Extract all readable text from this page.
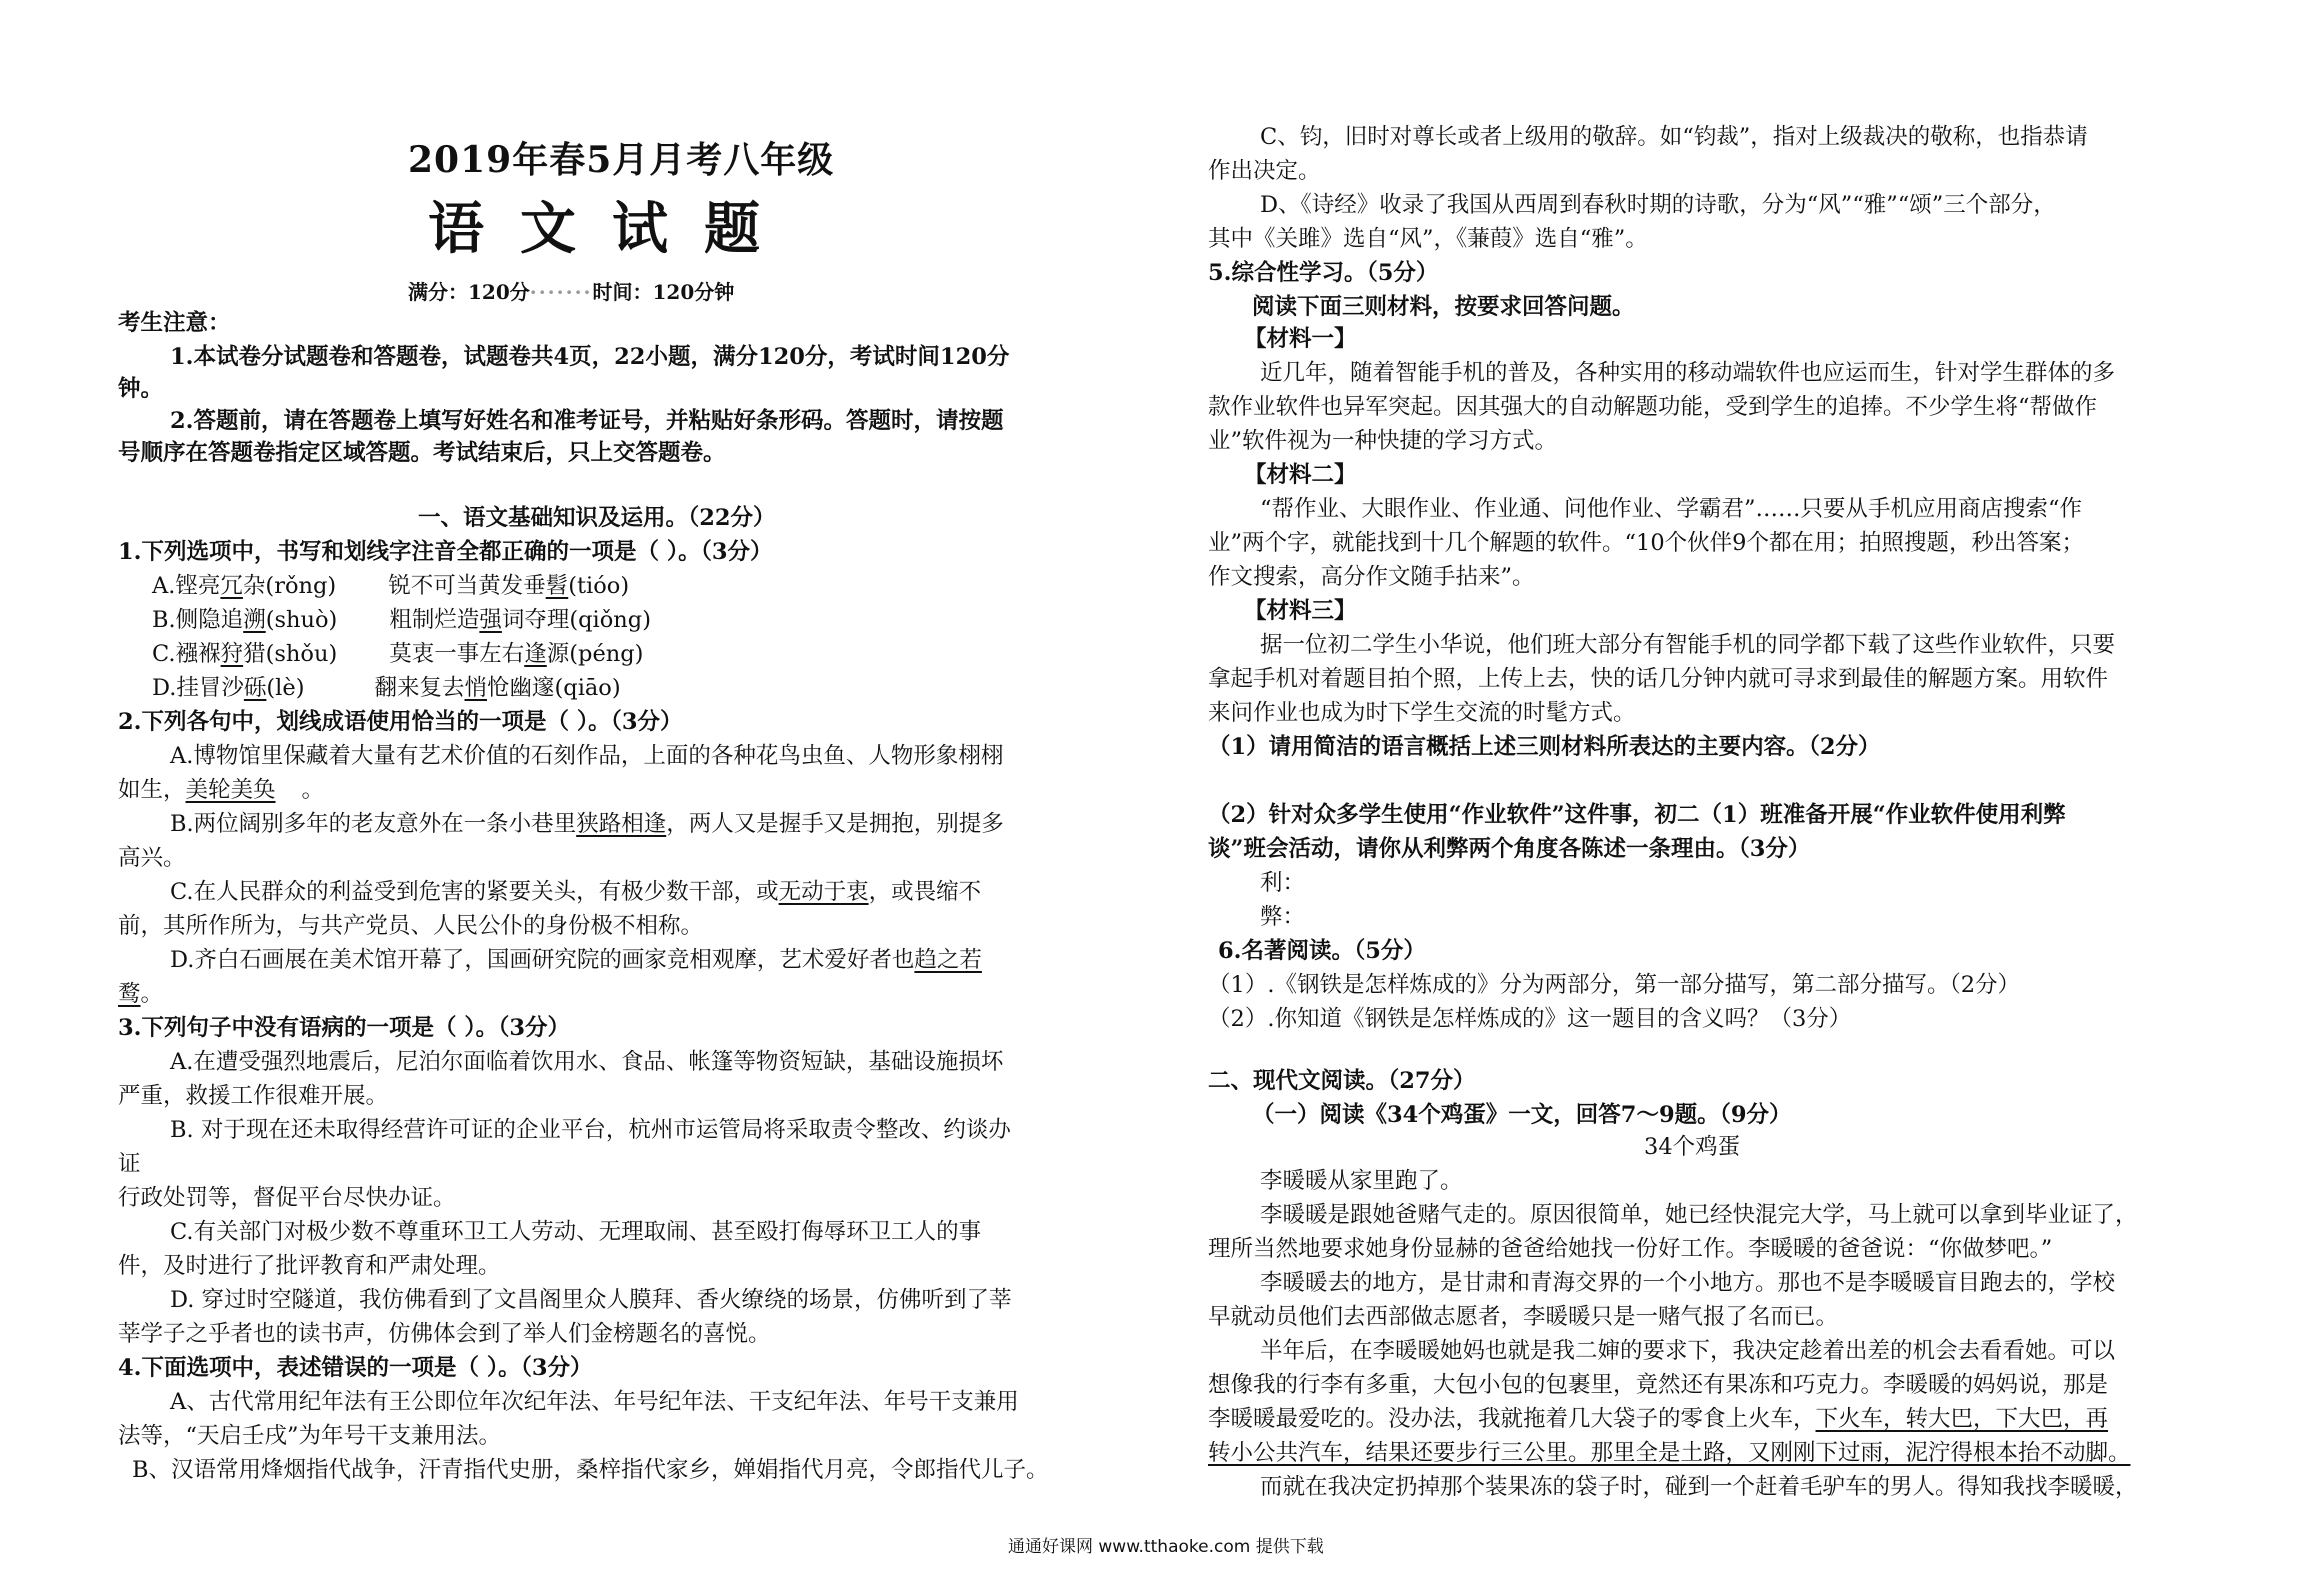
2019年春5月月考八年级
语文试题
满分：120分·······时间：120分钟
考生注意：
1.本试卷分试题卷和答题卷，试题卷共4页，22小题，满分120分，考试时间120分
钟。
2.答题前，请在答题卷上填写好姓名和准考证号，并粘贴好条形码。答题时，请按题
号顺序在答题卷指定区域答题。考试结束后，只上交答题卷。
一、语文基础知识及运用。（22分）
1.下列选项中，书写和划线字注音全都正确的一项是（ ）。（3分）
A.铿亮冗杂(rǒng) 锐不可当黄发垂髫(tióo)
B.侧隐追溯(shuò) 粗制烂造强词夺理(qiǒng)
C.襁褓狩猎(shǒu) 莫衷一事左右逢源(péng)
D.挂冒沙砾(lè)	翻来复去悄怆幽邃(qiāo)
2.下列各句中，划线成语使用恰当的一项是（ ）。（3分）
A.博物馆里保藏着大量有艺术价值的石刻作品，上面的各种花鸟虫鱼、人物形象栩栩
如生，美轮美奂 。
B.两位阔别多年的老友意外在一条小巷里狭路相逢，两人又是握手又是拥抱，别提多
高兴。
C.在人民群众的利益受到危害的紧要关头，有极少数干部，或无动于衷，或畏缩不
前，其所作所为，与共产党员、人民公仆的身份极不相称。
D.齐白石画展在美术馆开幕了，国画研究院的画家竞相观摩，艺术爱好者也趋之若
鹜。
3.下列句子中没有语病的一项是（ ）。（3分）
A.在遭受强烈地震后，尼泊尔面临着饮用水、食品、帐篷等物资短缺，基础设施损坏
严重，救援工作很难开展。
B. 对于现在还未取得经营许可证的企业平台，杭州市运管局将采取责令整改、约谈办
证
行政处罚等，督促平台尽快办证。
C.有关部门对极少数不尊重环卫工人劳动、无理取闹、甚至殴打侮辱环卫工人的事
件，及时进行了批评教育和严肃处理。
D. 穿过时空隧道，我仿佛看到了文昌阁里众人膜拜、香火缭绕的场景，仿佛听到了莘
莘学子之乎者也的读书声，仿佛体会到了举人们金榜题名的喜悦。
4.下面选项中，表述错误的一项是（ ）。（3分）
A、古代常用纪年法有王公即位年次纪年法、年号纪年法、干支纪年法、年号干支兼用
法等，“天启壬戌”为年号干支兼用法。
B、汉语常用烽烟指代战争，汗青指代史册，桑梓指代家乡，婵娟指代月亮，令郎指代儿子。
C、钧，旧时对尊长或者上级用的敬辞。如“钧裁”，指对上级裁决的敬称，也指恭请
作出决定。
D、《诗经》收录了我国从西周到春秋时期的诗歌，分为“风”“雅”“颂”三个部分，
其中《关雎》选自“风”，《蒹葭》选自“雅”。
5.综合性学习。（5分）
阅读下面三则材料，按要求回答问题。
【材料一】
近几年，随着智能手机的普及，各种实用的移动端软件也应运而生，针对学生群体的多
款作业软件也异军突起。因其强大的自动解题功能，受到学生的追捧。不少学生将“帮做作
业”软件视为一种快捷的学习方式。
【材料二】
“帮作业、大眼作业、作业通、问他作业、学霸君”……只要从手机应用商店搜索“作
业”两个字，就能找到十几个解题的软件。“10个伙伴9个都在用；拍照搜题，秒出答案；
作文搜索，高分作文随手拈来”。
【材料三】
据一位初二学生小华说，他们班大部分有智能手机的同学都下载了这些作业软件，只要
拿起手机对着题目拍个照，上传上去，快的话几分钟内就可寻求到最佳的解题方案。用软件
来问作业也成为时下学生交流的时髦方式。
（1）请用简洁的语言概括上述三则材料所表达的主要内容。（2分）
（2）针对众多学生使用“作业软件”这件事，初二（1）班准备开展“作业软件使用利弊
谈”班会活动，请你从利弊两个角度各陈述一条理由。（3分）
利：
弊：
6.名著阅读。（5分）
（1）.《钢铁是怎样炼成的》分为两部分，第一部分描写，第二部分描写。（2分）
（2）.你知道《钢铁是怎样炼成的》这一题目的含义吗？（3分）
二、现代文阅读。（27分）
（一）阅读《34个鸡蛋》一文，回答7～9题。（9分）
34个鸡蛋
李暖暖从家里跑了。
李暖暖是跟她爸赌气走的。原因很简单，她已经快混完大学，马上就可以拿到毕业证了，
理所当然地要求她身份显赫的爸爸给她找一份好工作。李暖暖的爸爸说：“你做梦吧。”
李暖暖去的地方，是甘肃和青海交界的一个小地方。那也不是李暖暖盲目跑去的，学校
早就动员他们去西部做志愿者，李暖暖只是一赌气报了名而已。
半年后，在李暖暖她妈也就是我二婶的要求下，我决定趁着出差的机会去看看她。可以
想像我的行李有多重，大包小包的包裹里，竟然还有果冻和巧克力。李暖暖的妈妈说，那是
李暖暖最爱吃的。没办法，我就拖着几大袋子的零食上火车，下火车，转大巴，下大巴，再
转小公共汽车，结果还要步行三公里。那里全是土路，又刚刚下过雨，泥泞得根本抬不动脚。
而就在我决定扔掉那个装果冻的袋子时，碰到一个赶着毛驴车的男人。得知我找李暖暖，
通通好课网 www.tthaoke.com 提供下载
